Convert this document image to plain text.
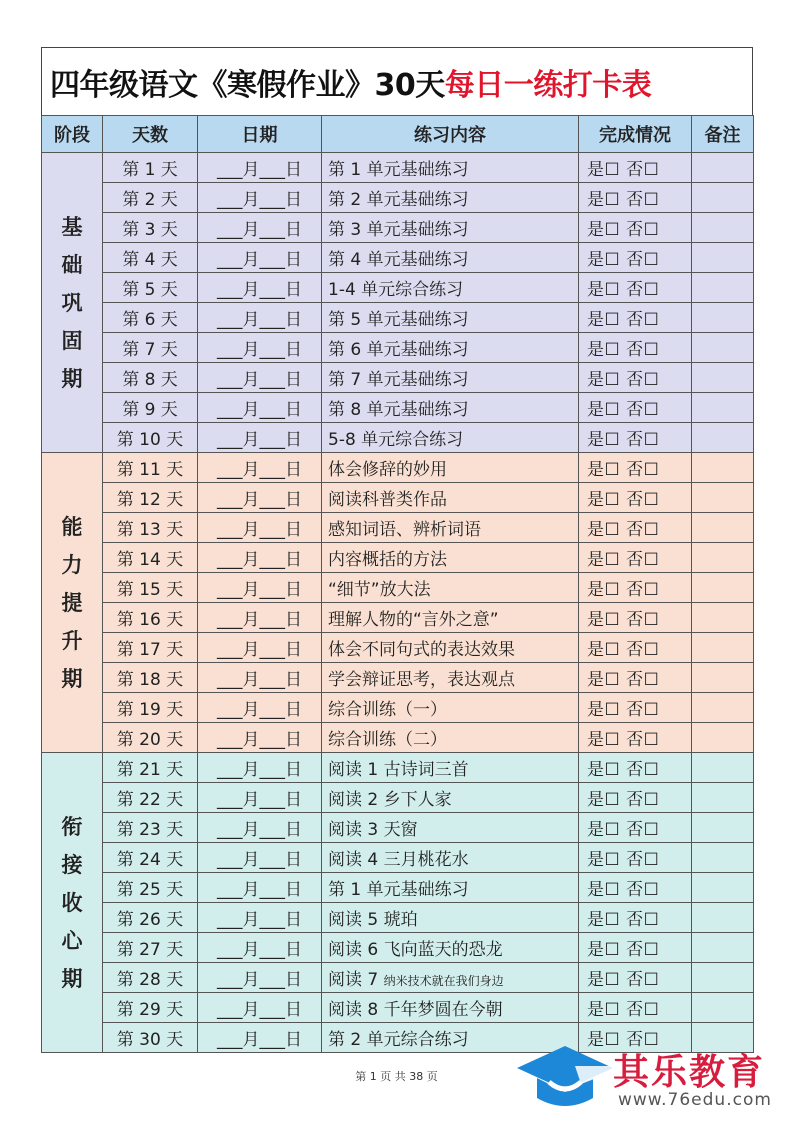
四年级语文《寒假作业》30天 每日一练打卡表
阶段	天数	日期	练习内容	完成情况	备注
基础巩固期	第 1 天	___月___日	第 1 单元基础练习	是☐ 否☐	
	第 2 天	___月___日	第 2 单元基础练习	是☐ 否☐	
	第 3 天	___月___日	第 3 单元基础练习	是☐ 否☐	
	第 4 天	___月___日	第 4 单元基础练习	是☐ 否☐	
	第 5 天	___月___日	1-4 单元综合练习	是☐ 否☐	
	第 6 天	___月___日	第 5 单元基础练习	是☐ 否☐	
	第 7 天	___月___日	第 6 单元基础练习	是☐ 否☐	
	第 8 天	___月___日	第 7 单元基础练习	是☐ 否☐	
	第 9 天	___月___日	第 8 单元基础练习	是☐ 否☐	
	第 10 天	___月___日	5-8 单元综合练习	是☐ 否☐	
能力提升期	第 11 天	___月___日	体会修辞的妙用	是☐ 否☐	
	第 12 天	___月___日	阅读科普类作品	是☐ 否☐	
	第 13 天	___月___日	感知词语、辨析词语	是☐ 否☐	
	第 14 天	___月___日	内容概括的方法	是☐ 否☐	
	第 15 天	___月___日	“细节”放大法	是☐ 否☐	
	第 16 天	___月___日	理解人物的“言外之意”	是☐ 否☐	
	第 17 天	___月___日	体会不同句式的表达效果	是☐ 否☐	
	第 18 天	___月___日	学会辩证思考，表达观点	是☐ 否☐	
	第 19 天	___月___日	综合训练（一）	是☐ 否☐	
	第 20 天	___月___日	综合训练（二）	是☐ 否☐	
衔接收心期	第 21 天	___月___日	阅读 1 古诗词三首	是☐ 否☐	
	第 22 天	___月___日	阅读 2 乡下人家	是☐ 否☐	
	第 23 天	___月___日	阅读 3 天窗	是☐ 否☐	
	第 24 天	___月___日	阅读 4 三月桃花水	是☐ 否☐	
	第 25 天	___月___日	第 1 单元基础练习	是☐ 否☐	
	第 26 天	___月___日	阅读 5 琥珀	是☐ 否☐	
	第 27 天	___月___日	阅读 6 飞向蓝天的恐龙	是☐ 否☐	
	第 28 天	___月___日	阅读 7 纳米技术就在我们身边	是☐ 否☐	
	第 29 天	___月___日	阅读 8 千年梦圆在今朝	是☐ 否☐	
	第 30 天	___月___日	第 2 单元综合练习	是☐ 否☐	
第 1 页 共 38 页	其乐教育
www.76edu.com
